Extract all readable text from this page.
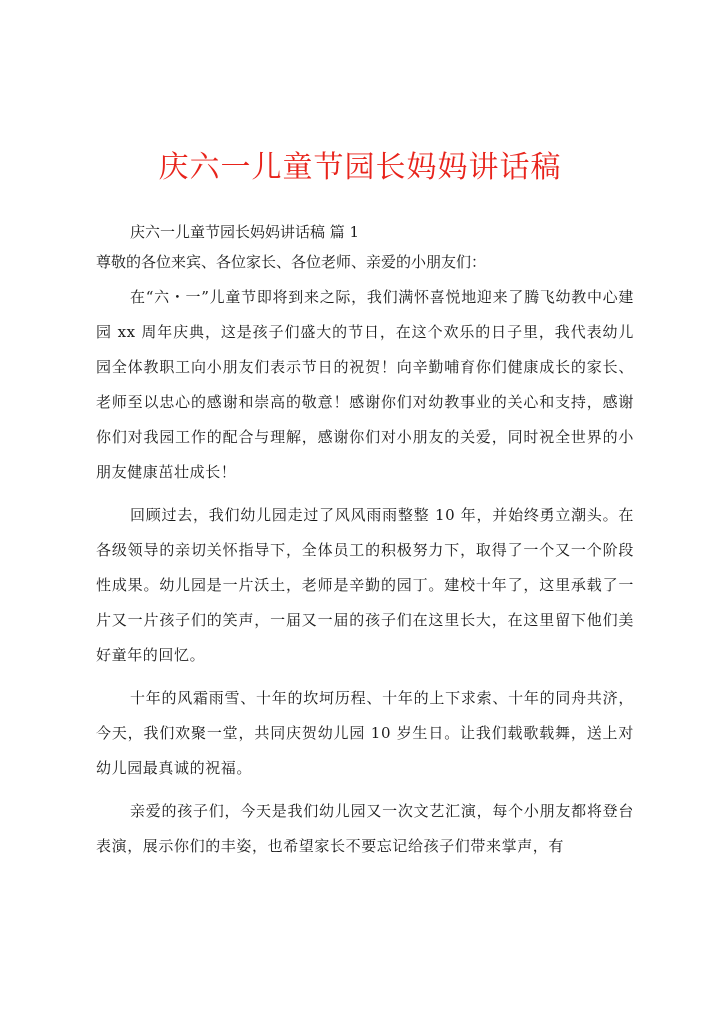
庆六一儿童节园长妈妈讲话稿

庆六一儿童节园长妈妈讲话稿 篇 1

尊敬的各位来宾、各位家长、各位老师、亲爱的小朋友们：

在“六・一”儿童节即将到来之际，我们满怀喜悦地迎来了腾飞幼教中心建园 xx 周年庆典，这是孩子们盛大的节日，在这个欢乐的日子里，我代表幼儿园全体教职工向小朋友们表示节日的祝贺！向辛勤哺育你们健康成长的家长、老师至以忠心的感谢和崇高的敬意！感谢你们对幼教事业的关心和支持，感谢你们对我园工作的配合与理解，感谢你们对小朋友的关爱，同时祝全世界的小朋友健康茁壮成长！

回顾过去，我们幼儿园走过了风风雨雨整整 10 年，并始终勇立潮头。在各级领导的亲切关怀指导下，全体员工的积极努力下，取得了一个又一个阶段性成果。幼儿园是一片沃土，老师是辛勤的园丁。建校十年了，这里承载了一片又一片孩子们的笑声，一届又一届的孩子们在这里长大，在这里留下他们美好童年的回忆。

十年的风霜雨雪、十年的坎坷历程、十年的上下求索、十年的同舟共济，今天，我们欢聚一堂，共同庆贺幼儿园 10 岁生日。让我们载歌载舞，送上对幼儿园最真诚的祝福。

亲爱的孩子们，今天是我们幼儿园又一次文艺汇演，每个小朋友都将登台表演，展示你们的丰姿，也希望家长不要忘记给孩子们带来掌声，有
